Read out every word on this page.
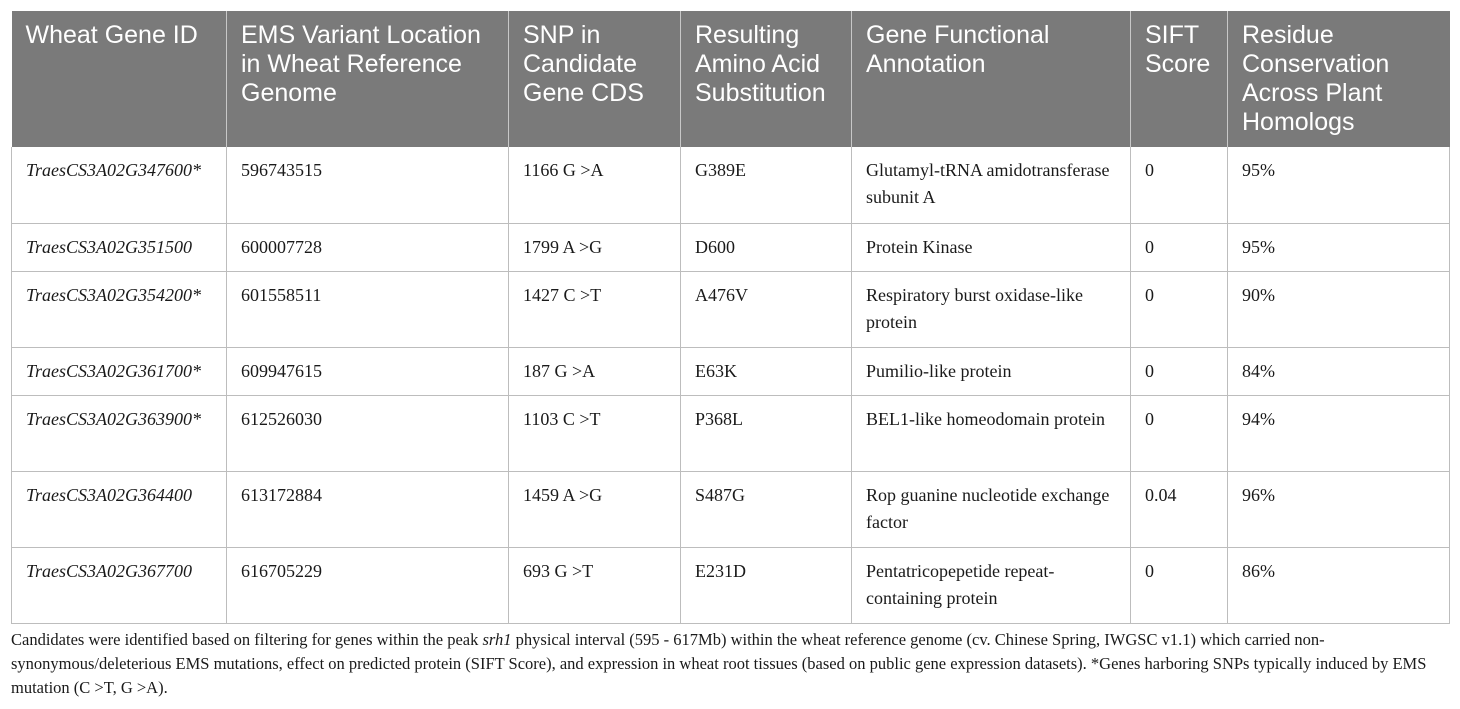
Wheat Gene ID	EMS Variant Location in Wheat Reference Genome	SNP in Candidate Gene CDS	Resulting Amino Acid Substitution	Gene Functional Annotation	SIFT Score	Residue Conservation Across Plant Homologs
TraesCS3A02G347600*	596743515	1166 G >A	G389E	Glutamyl-tRNA amidotransferase subunit A	0	95%
TraesCS3A02G351500	600007728	1799 A >G	D600	Protein Kinase	0	95%
TraesCS3A02G354200*	601558511	1427 C >T	A476V	Respiratory burst oxidase-like protein	0	90%
TraesCS3A02G361700*	609947615	187 G >A	E63K	Pumilio-like protein	0	84%
TraesCS3A02G363900*	612526030	1103 C >T	P368L	BEL1-like homeodomain protein	0	94%
TraesCS3A02G364400	613172884	1459 A >G	S487G	Rop guanine nucleotide exchange factor	0.04	96%
TraesCS3A02G367700	616705229	693 G >T	E231D	Pentatricopepetide repeat-containing protein	0	86%

Candidates were identified based on filtering for genes within the peak srh1 physical interval (595 - 617Mb) within the wheat reference genome (cv. Chinese Spring, IWGSC v1.1) which carried non-synonymous/deleterious EMS mutations, effect on predicted protein (SIFT Score), and expression in wheat root tissues (based on public gene expression datasets). *Genes harboring SNPs typically induced by EMS mutation (C >T, G >A).
